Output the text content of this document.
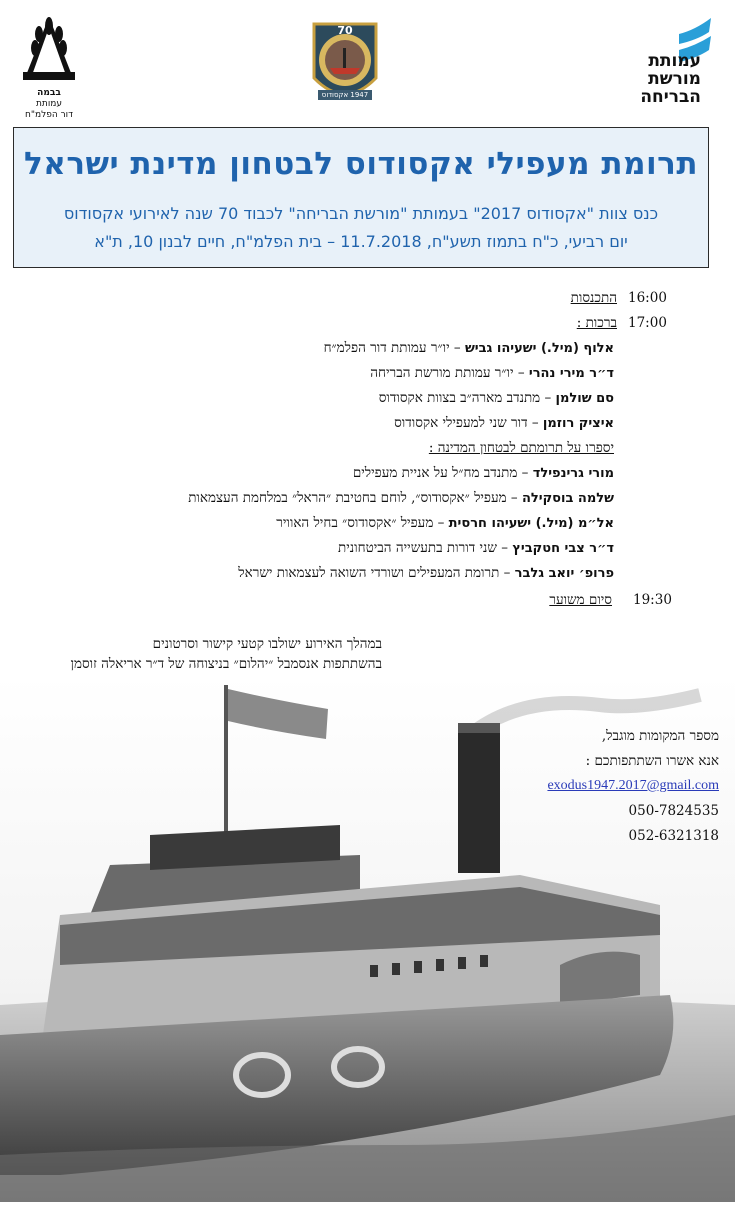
בבמה
עמותת
דור הפלמ"ח
70
1947 אקסודוס
עמותת
מורשת
הבריחה
תרומת מעפילי אקסודוס לבטחון מדינת ישראל
כנס צוות "אקסודוס 2017" בעמותת "מורשת הבריחה" לכבוד 70 שנה לאירועי אקסודוס
יום רביעי, כ"ח בתמוז תשע"ח, 11.7.2018 – בית הפלמ"ח, חיים לבנון 10, ת"א
16:00
התכנסות
17:00
ברכות :
אלוף (מיל.) ישעיהו גביש – יו״ר עמותת דור הפלמ״ח
ד״ר מירי נהרי – יו״ר עמותת מורשת הבריחה
סם שולמן – מתנדב מארה״ב בצוות אקסודוס
איציק רוזמן – דור שני למעפילי אקסודוס
יספרו על תרומתם לבטחון המדינה :
מורי גרינפילד – מתנדב מח״ל על אניית מעפילים
שלמה בוסקילה – מעפיל ״אקסודוס״, לוחם בחטיבת ״הראל״ במלחמת העצמאות
אל״מ (מיל.) ישעיהו חרסית – מעפיל ״אקסודוס״ בחיל האוויר
ד״ר צבי חטקביץ – שני דורות בתעשייה הביטחונית
פרופ׳ יואב גלבר – תרומת המעפילים ושורדי השואה לעצמאות ישראל
19:30
סיום משוער
במהלך האירוע ישולבו קטעי קישור וסרטונים
בהשתתפות אנסמבל ״יהלום״ בניצוחה של ד״ר אריאלה זוסמן
מספר המקומות מוגבל,
אנא אשרו השתתפותכם :
exodus1947.2017@gmail.com
050-7824535
052-6321318
